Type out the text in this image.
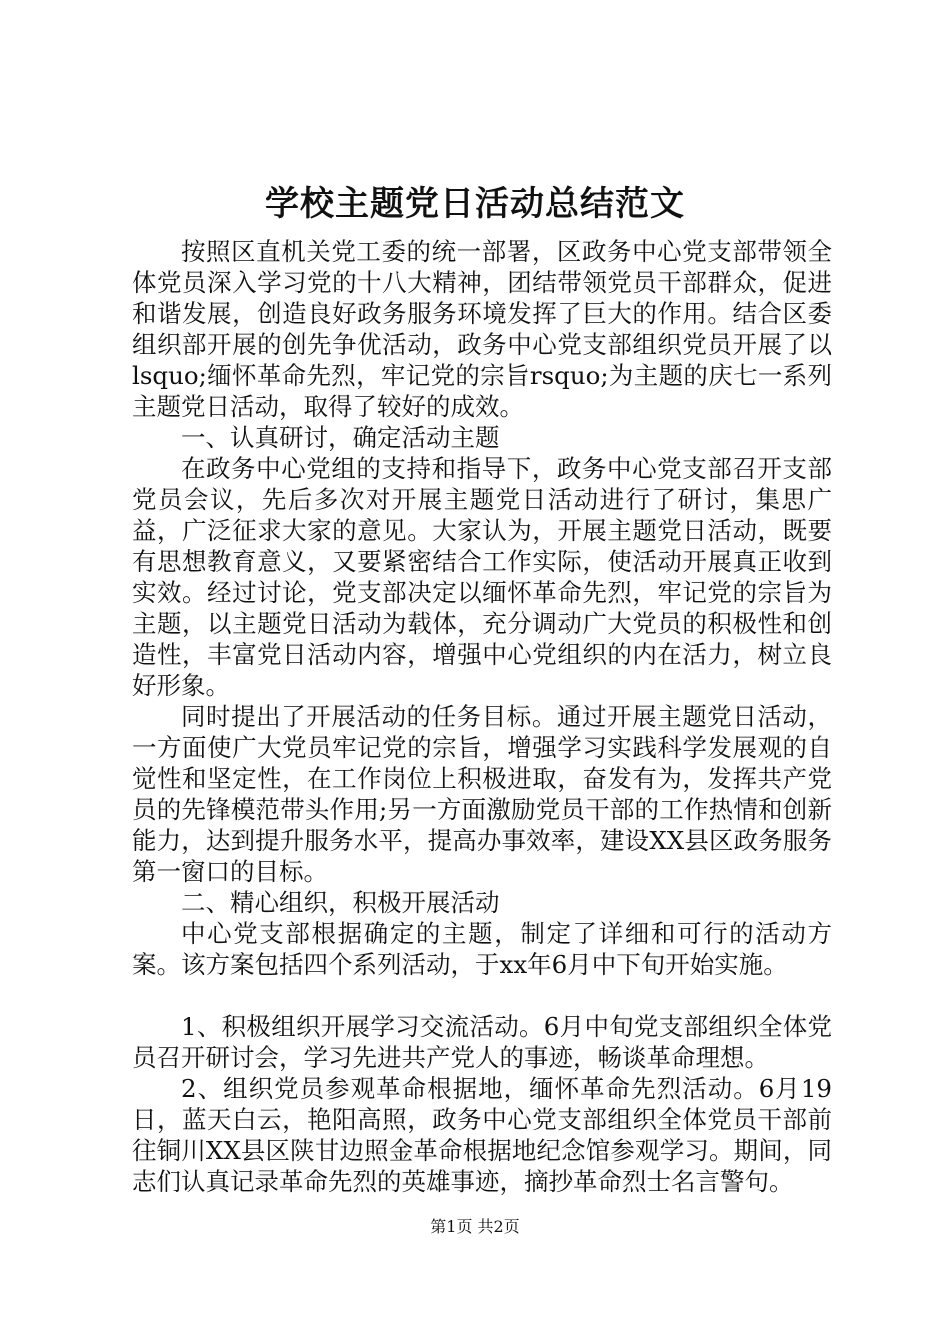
学校主题党日活动总结范文

按照区直机关党工委的统一部署，区政务中心党支部带领全体党员深入学习党的十八大精神，团结带领党员干部群众，促进和谐发展，创造良好政务服务环境发挥了巨大的作用。结合区委组织部开展的创先争优活动，政务中心党支部组织党员开展了以lsquo;缅怀革命先烈，牢记党的宗旨rsquo;为主题的庆七一系列主题党日活动，取得了较好的成效。

一、认真研讨，确定活动主题

在政务中心党组的支持和指导下，政务中心党支部召开支部党员会议，先后多次对开展主题党日活动进行了研讨，集思广益，广泛征求大家的意见。大家认为，开展主题党日活动，既要有思想教育意义，又要紧密结合工作实际，使活动开展真正收到实效。经过讨论，党支部决定以缅怀革命先烈，牢记党的宗旨为主题，以主题党日活动为载体，充分调动广大党员的积极性和创造性，丰富党日活动内容，增强中心党组织的内在活力，树立良好形象。

同时提出了开展活动的任务目标。通过开展主题党日活动，一方面使广大党员牢记党的宗旨，增强学习实践科学发展观的自觉性和坚定性，在工作岗位上积极进取，奋发有为，发挥共产党员的先锋模范带头作用;另一方面激励党员干部的工作热情和创新能力，达到提升服务水平，提高办事效率，建设XX县区政务服务第一窗口的目标。

二、精心组织，积极开展活动

中心党支部根据确定的主题，制定了详细和可行的活动方案。该方案包括四个系列活动，于xx年6月中下旬开始实施。

1、积极组织开展学习交流活动。6月中旬党支部组织全体党员召开研讨会，学习先进共产党人的事迹，畅谈革命理想。

2、组织党员参观革命根据地，缅怀革命先烈活动。6月19日，蓝天白云，艳阳高照，政务中心党支部组织全体党员干部前往铜川XX县区陕甘边照金革命根据地纪念馆参观学习。期间，同志们认真记录革命先烈的英雄事迹，摘抄革命烈士名言警句。

第1页 共2页
